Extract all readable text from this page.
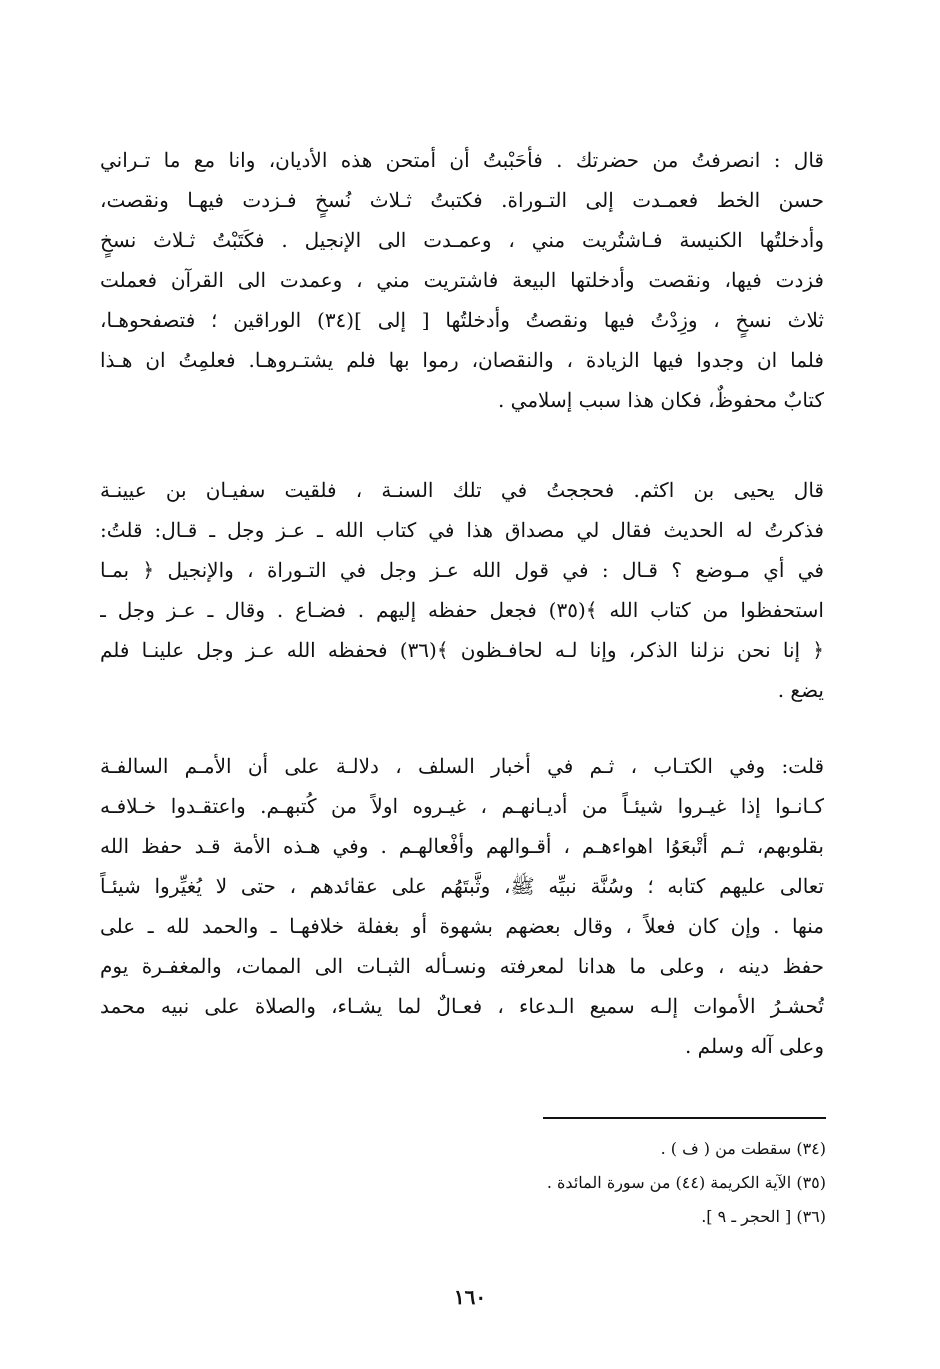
قال : انصرفتُ من حضرتك . فأحَبْبتُ أن أمتحن هذه الأديان، وانا مع ما تـراني
حسن الخط فعمـدت إلى التـوراة. فكتبتُ ثـلاث نُسخٍ فـزدت فيهـا ونقصت،
وأدخلتُها الكنيسة فـاشتُريت مني ، وعمـدت الى الإنجيل . فكَتَبْتُ ثـلاث نسخٍ
فزدت فيها، ونقصت وأدخلتها البيعة فاشتريت مني ، وعمدت الى القرآن فعملت
ثلاث نسخٍ ، وزِدْتُ فيها ونقصتُ وأدخلتُها [ إلى ](٣٤) الوراقين ؛ فتصفحوهـا،
فلما ان وجدوا فيها الزيادة ، والنقصان، رموا بها فلم يشتـروهـا. فعلمِتُ ان هـذا
كتابٌ محفوظٌ، فكان هذا سبب إسلامي .
قال يحيى بن اكثم. فحججتُ في تلك السنـة ، فلقيت سفيـان بن عيينـة
فذكرتُ له الحديث فقال لي مصداق هذا في كتاب الله ـ عـز وجل ـ قـال: قلتُ:
في أي مـوضع ؟ قـال : في قول الله عـز وجل في التـوراة ، والإنجيل ﴿ بمـا
استحفظوا من كتاب الله ﴾(٣٥) فجعل حفظه إليهم . فضـاع . وقال ـ عـز وجل ـ
﴿ إنا نحن نزلنا الذكر، وإنا لـه لحافـظون ﴾(٣٦) فحفظه الله عـز وجل علينـا فلم
يضع .
قلت: وفي الكتـاب ، ثـم في أخبار السلف ، دلالـة على أن الأمـم السالفـة
كـانـوا إذا غيـروا شيئـاً من أديـانهـم ، غيـروه اولاً من كُتبهـم. واعتقـدوا خـلافـه
بقلوبهم، ثـم أتْبعَوُا اهواءهـم ، أقـوالهم وأفْعالهـم . وفي هـذه الأمة قـد حفظ الله
تعالى عليهم كتابه ؛ وسُنَّة نبيِّه ﷺ، وثَّبتَهُم على عقائدهم ، حتى لا يُغيِّروا شيئـاً
منها . وإن كان فعلاً ، وقال بعضهم بشهوة أو بغفلة خلافهـا ـ والحمد لله ـ على
حفظ دينه ، وعلى ما هدانا لمعرفته ونسـأله الثبـات الى الممات، والمغفـرة يوم
تُحشـرُ الأموات إلـه سميع الـدعاء ، فعـالٌ لما يشـاء، والصلاة على نبيه محمد
وعلى آله وسلم .
(٣٤) سقطت من ( ف ) .
(٣٥) الآية الكريمة (٤٤) من سورة المائدة .
(٣٦) [ الحجر ـ ٩ ].
١٦٠
